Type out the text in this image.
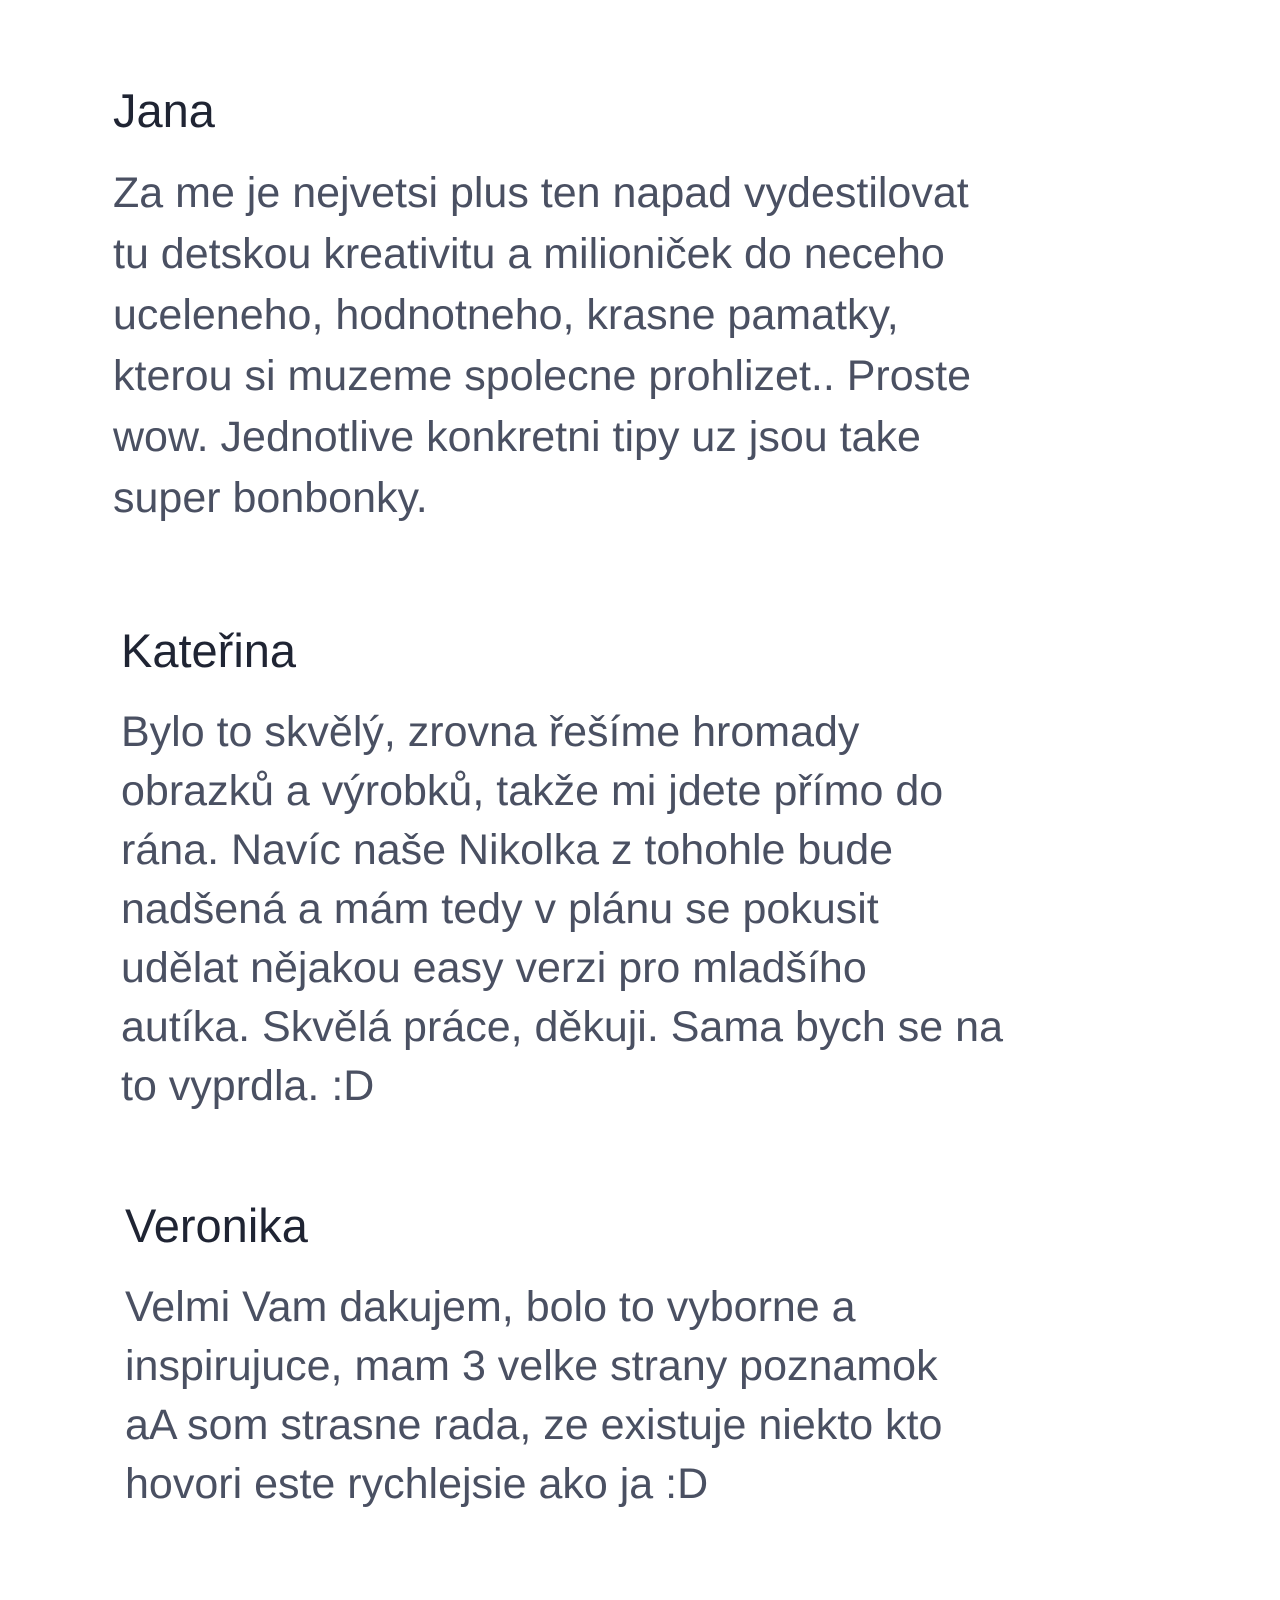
Jana

Za me je nejvetsi plus ten napad vydestilovat
tu detskou kreativitu a milioniček do neceho
uceleneho, hodnotneho, krasne pamatky,
kterou si muzeme spolecne prohlizet.. Proste
wow. Jednotlive konkretni tipy uz jsou take
super bonbonky.

Kateřina

Bylo to skvělý, zrovna řešíme hromady
obrazků a výrobků, takže mi jdete přímo do
rána. Navíc naše Nikolka z tohohle bude
nadšená a mám tedy v plánu se pokusit
udělat nějakou easy verzi pro mladšího
autíka. Skvělá práce, děkuji. Sama bych se na
to vyprdla. :D

Veronika

Velmi Vam dakujem, bolo to vyborne a
inspirujuce, mam 3 velke strany poznamok
aA som strasne rada, ze existuje niekto kto
hovori este rychlejsie ako ja :D
